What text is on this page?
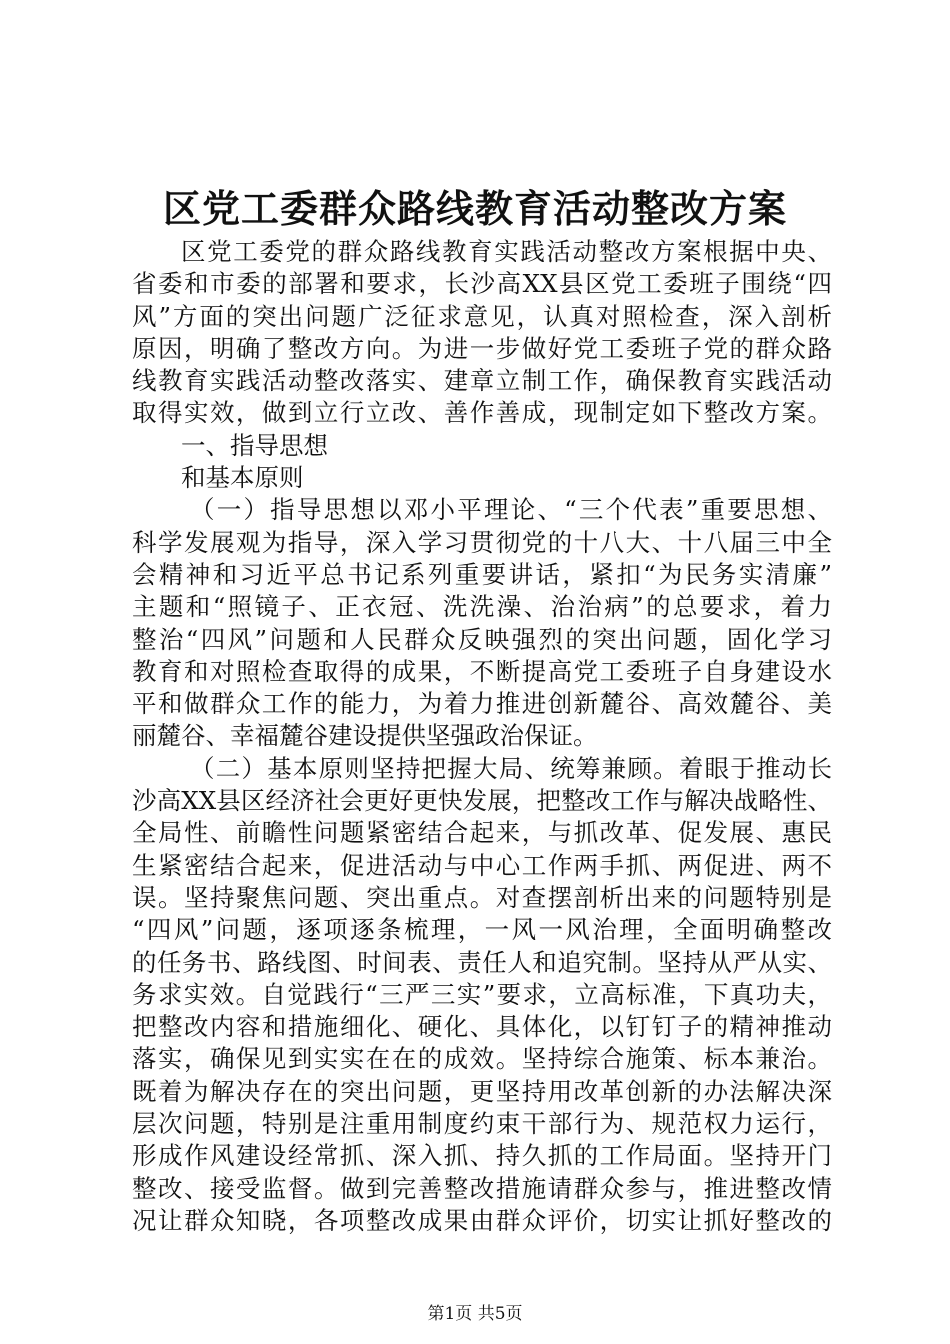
区党工委群众路线教育活动整改方案
区党工委党的群众路线教育实践活动整改方案根据中央、
省委和市委的部署和要求，长沙高XX县区党工委班子围绕“四
风”方面的突出问题广泛征求意见，认真对照检查，深入剖析
原因，明确了整改方向。为进一步做好党工委班子党的群众路
线教育实践活动整改落实、建章立制工作，确保教育实践活动
取得实效，做到立行立改、善作善成，现制定如下整改方案。
一、指导思想
和基本原则
（一）指导思想以邓小平理论、“三个代表”重要思想、
科学发展观为指导，深入学习贯彻党的十八大、十八届三中全
会精神和习近平总书记系列重要讲话，紧扣“为民务实清廉”
主题和“照镜子、正衣冠、洗洗澡、治治病”的总要求，着力
整治“四风”问题和人民群众反映强烈的突出问题，固化学习
教育和对照检查取得的成果，不断提高党工委班子自身建设水
平和做群众工作的能力，为着力推进创新麓谷、高效麓谷、美
丽麓谷、幸福麓谷建设提供坚强政治保证。
（二）基本原则坚持把握大局、统筹兼顾。着眼于推动长
沙高XX县区经济社会更好更快发展，把整改工作与解决战略性、
全局性、前瞻性问题紧密结合起来，与抓改革、促发展、惠民
生紧密结合起来，促进活动与中心工作两手抓、两促进、两不
误。坚持聚焦问题、突出重点。对查摆剖析出来的问题特别是
“四风”问题，逐项逐条梳理，一风一风治理，全面明确整改
的任务书、路线图、时间表、责任人和追究制。坚持从严从实、
务求实效。自觉践行“三严三实”要求，立高标准，下真功夫，
把整改内容和措施细化、硬化、具体化，以钉钉子的精神推动
落实，确保见到实实在在的成效。坚持综合施策、标本兼治。
既着为解决存在的突出问题，更坚持用改革创新的办法解决深
层次问题，特别是注重用制度约束干部行为、规范权力运行，
形成作风建设经常抓、深入抓、持久抓的工作局面。坚持开门
整改、接受监督。做到完善整改措施请群众参与，推进整改情
况让群众知晓，各项整改成果由群众评价，切实让抓好整改的
第1页 共5页
